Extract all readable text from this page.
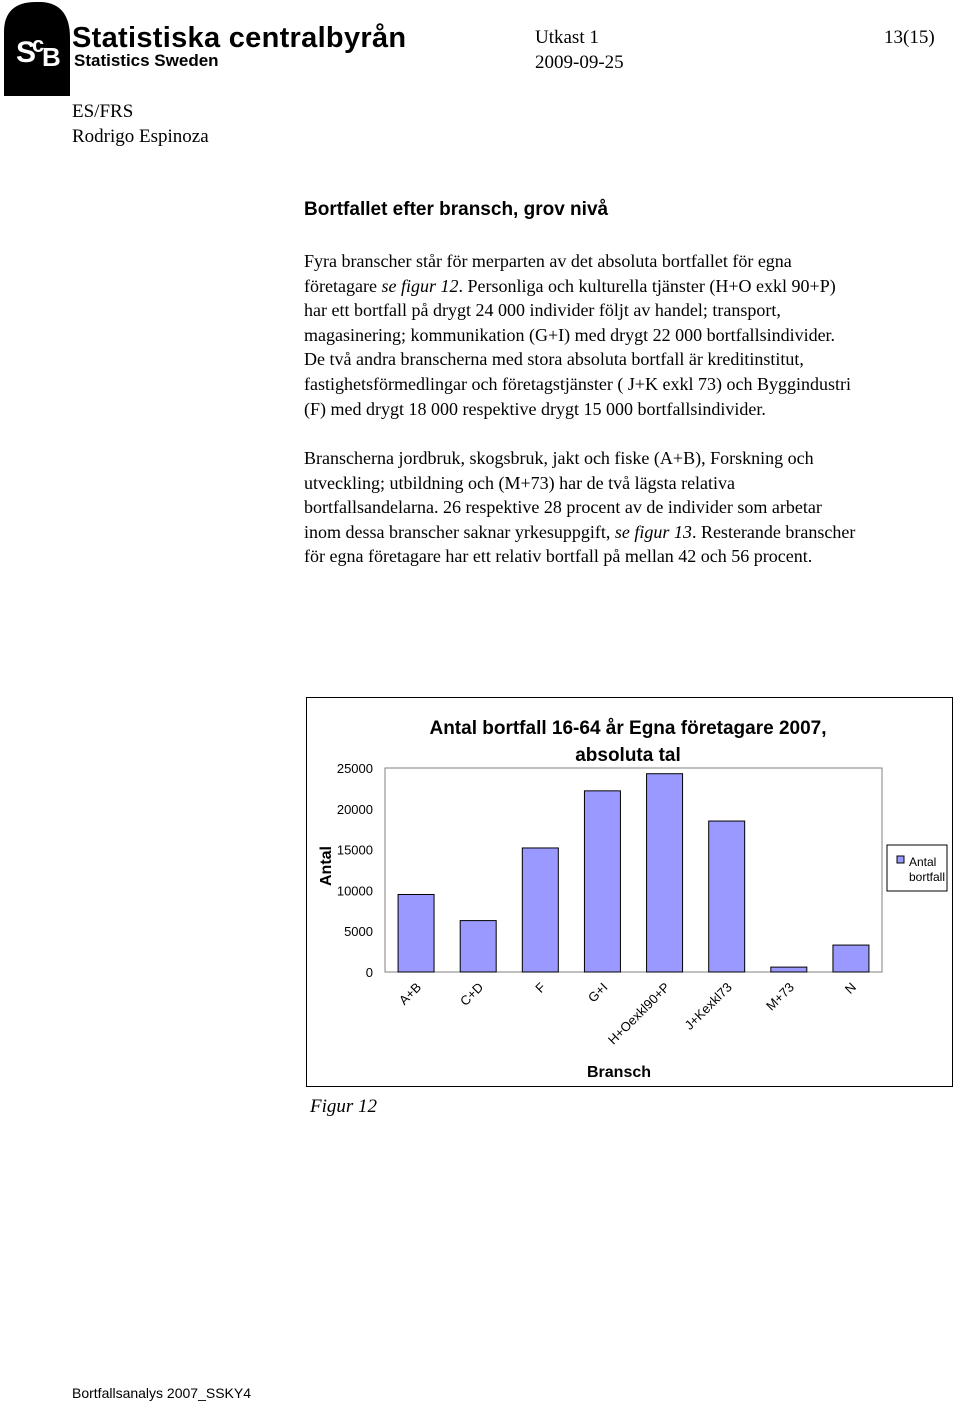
S
c
B
Statistiska centralbyrån
Statistics Sweden
Utkast 1	13(15)
2009-09-25
ES/FRS
Rodrigo Espinoza
Bortfallet efter bransch, grov nivå
Fyra branscher står för merparten av det absoluta bortfallet för egna
företagare se figur 12. Personliga och kulturella tjänster (H+O exkl 90+P)
har ett bortfall på drygt 24 000 individer följt av handel; transport,
magasinering; kommunikation (G+I) med drygt 22 000 bortfallsindivider.
De två andra branscherna med stora absoluta bortfall är kreditinstitut,
fastighetsförmedlingar och företagstjänster ( J+K exkl 73) och Byggindustri
(F) med drygt 18 000 respektive drygt 15 000 bortfallsindivider.
Branscherna jordbruk, skogsbruk, jakt och fiske (A+B), Forskning och
utveckling; utbildning och (M+73) har de två lägsta relativa
bortfallsandelarna. 26 respektive 28 procent av de individer som arbetar
inom dessa branscher saknar yrkesuppgift, se figur 13. Resterande branscher
för egna företagare har ett relativ bortfall på mellan 42 och 56 procent.
Antal bortfall 16-64 år Egna företagare 2007,
absoluta tal
0
5000
10000
15000
20000
25000
A+B	C+D	F	G+I
H+Oexkl90+P J+Kexkl73 M+73	N
Antal
Bransch
Antal
bortfall
Figur 12
Bortfallsanalys 2007_SSKY4
